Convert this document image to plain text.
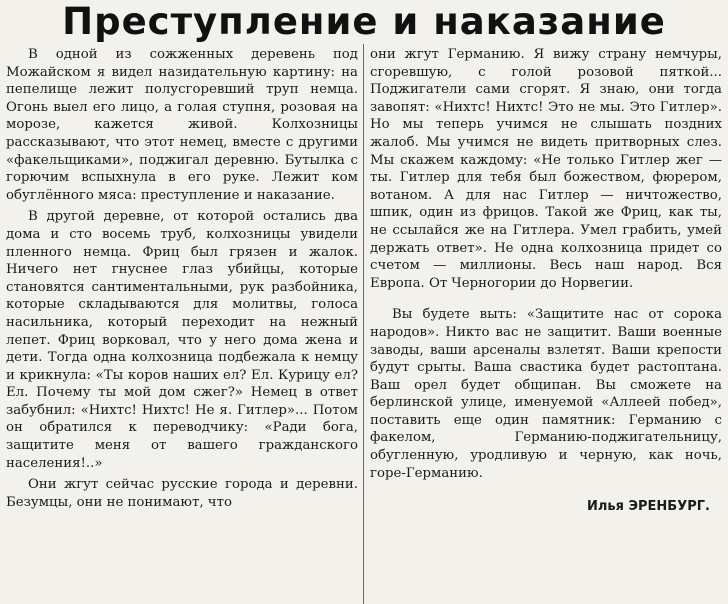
Преступление и наказание

В одной из сожженных деревень под Можайском я видел назидательную картину: на пепелище лежит полусгоревший труп немца. Огонь выел его лицо, а голая ступня, розовая на морозе, кажется живой. Колхозницы рассказывают, что этот немец, вместе с другими «факельщиками», поджигал деревню. Бутылка с горючим вспыхнула в его руке. Лежит ком обуглённого мяса: преступление и наказание.

В другой деревне, от которой остались два дома и сто восемь труб, колхозницы увидели пленного немца. Фриц был грязен и жалок. Ничего нет гнуснее глаз убийцы, которые становятся сантиментальными, рук разбойника, которые складываются для молитвы, голоса насильника, который переходит на нежный лепет. Фриц ворковал, что у него дома жена и дети. Тогда одна колхозница подбежала к немцу и крикнула: «Ты коров наших ел? Ел. Курицу ел? Ел. Почему ты мой дом сжег?» Немец в ответ забубнил: «Нихтс! Нихтс! Не я. Гитлер»... Потом он обратился к переводчику: «Ради бога, защитите меня от вашего гражданского населения!..»

Они жгут сейчас русские города и деревни. Безумцы, они не понимают, что

они жгут Германию. Я вижу страну немчуры, сгоревшую, с голой розовой пяткой... Поджигатели сами сгорят. Я знаю, они тогда завопят: «Нихтс! Нихтс! Это не мы. Это Гитлер». Но мы теперь учимся не слышать поздних жалоб. Мы учимся не видеть притворных слез. Мы скажем каждому: «Не только Гитлер жег — ты. Гитлер для тебя был божеством, фюрером, вотаном. А для нас Гитлер — ничтожество, шпик, один из фрицов. Такой же Фриц, как ты, не ссылайся же на Гитлера. Умел грабить, умей держать ответ». Не одна колхозница придет со счетом — миллионы. Весь наш народ. Вся Европа. От Черногории до Норвегии.

Вы будете выть: «Защитите нас от сорока народов». Никто вас не защитит. Ваши военные заводы, ваши арсеналы взлетят. Ваши крепости будут срыты. Ваша свастика будет растоптана. Ваш орел будет общипан. Вы сможете на берлинской улице, именуемой «Аллеей побед», поставить еще один памятник: Германию с факелом, Германию-поджигательницу, обугленную, уродливую и черную, как ночь, горе-Германию.

Илья ЭРЕНБУРГ.
